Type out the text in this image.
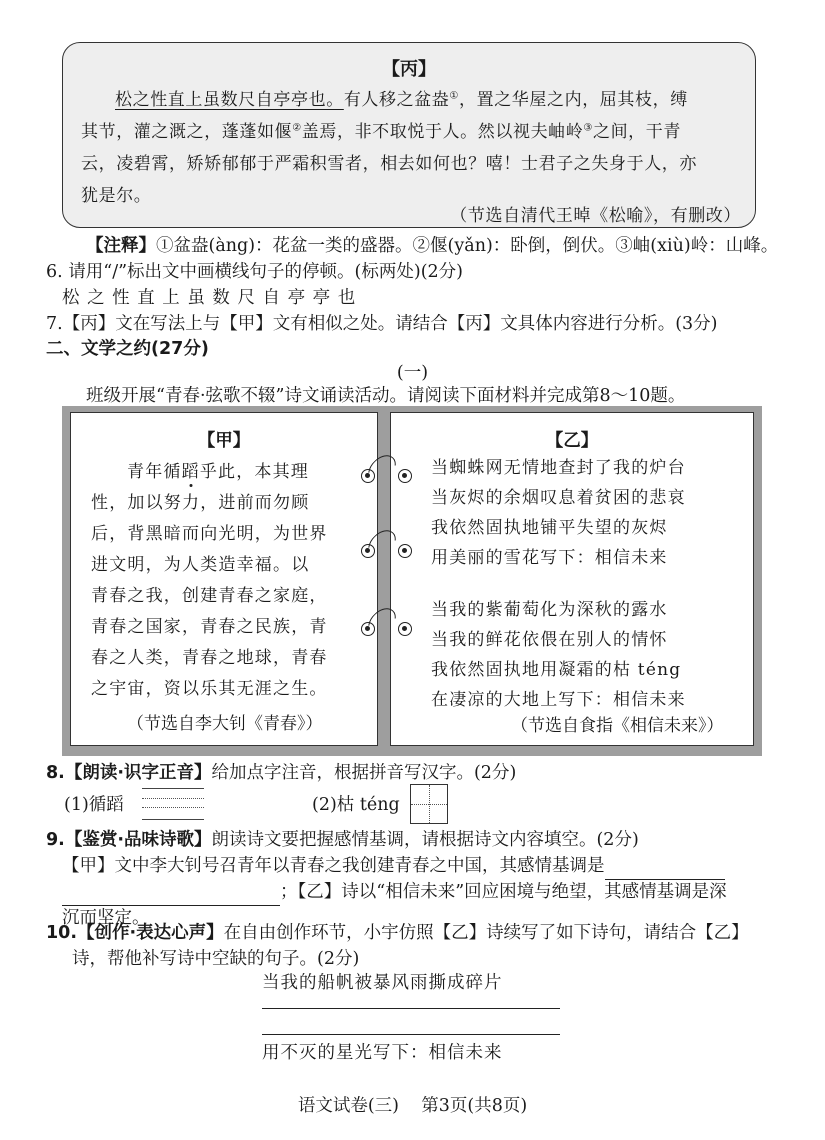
【丙】
松之性直上虽数尺自亭亭也。有人移之盆盎①，置之华屋之内，屈其枝，缚
其节，灌之溉之，蓬蓬如偃②盖焉，非不取悦于人。然以视夫岫岭③之间，干青
云，凌碧霄，矫矫郁郁于严霜积雪者，相去如何也？嘻！士君子之失身于人，亦
犹是尔。
（节选自清代王晫《松喻》，有删改）
【注释】①盆盎(àng)：花盆一类的盛器。②偃(yǎn)：卧倒，倒伏。③岫(xiù)岭：山峰。
6. 请用“/”标出文中画横线句子的停顿。(标两处)(2分)
松 之 性 直 上 虽 数 尺 自 亭 亭 也
7.【丙】文在写法上与【甲】文有相似之处。请结合【丙】文具体内容进行分析。(3分)
二、文学之约(27分)
(一)
班级开展“青春·弦歌不辍”诗文诵读活动。请阅读下面材料并完成第8～10题。
【甲】
青年循蹈乎此，本其理
性，加以努力，进前而勿顾
后，背黑暗而向光明，为世界
进文明，为人类造幸福。以
青春之我，创建青春之家庭，
青春之国家，青春之民族，青
春之人类，青春之地球，青春
之宇宙，资以乐其无涯之生。
（节选自李大钊《青春》）
【乙】
当蜘蛛网无情地查封了我的炉台
当灰烬的余烟叹息着贫困的悲哀
我依然固执地铺平失望的灰烬
用美丽的雪花写下：相信未来
当我的紫葡萄化为深秋的露水
当我的鲜花依偎在别人的情怀
我依然固执地用凝霜的枯 téng
在凄凉的大地上写下：相信未来
（节选自食指《相信未来》）
8.【朗读·识字正音】给加点字注音，根据拼音写汉字。(2分)
(1)循蹈	(2)枯 téng
9.【鉴赏·品味诗歌】朗读诗文要把握感情基调，请根据诗文内容填空。(2分)
【甲】文中李大钊号召青年以青春之我创建青春之中国，其感情基调是
；【乙】诗以“相信未来”回应困境与绝望，其感情基调是深
沉而坚定。
10.【创作·表达心声】在自由创作环节，小宇仿照【乙】诗续写了如下诗句，请结合【乙】
诗，帮他补写诗中空缺的句子。(2分)
当我的船帆被暴风雨撕成碎片
用不灭的星光写下：相信未来
语文试卷(三)    第3页(共8页)
